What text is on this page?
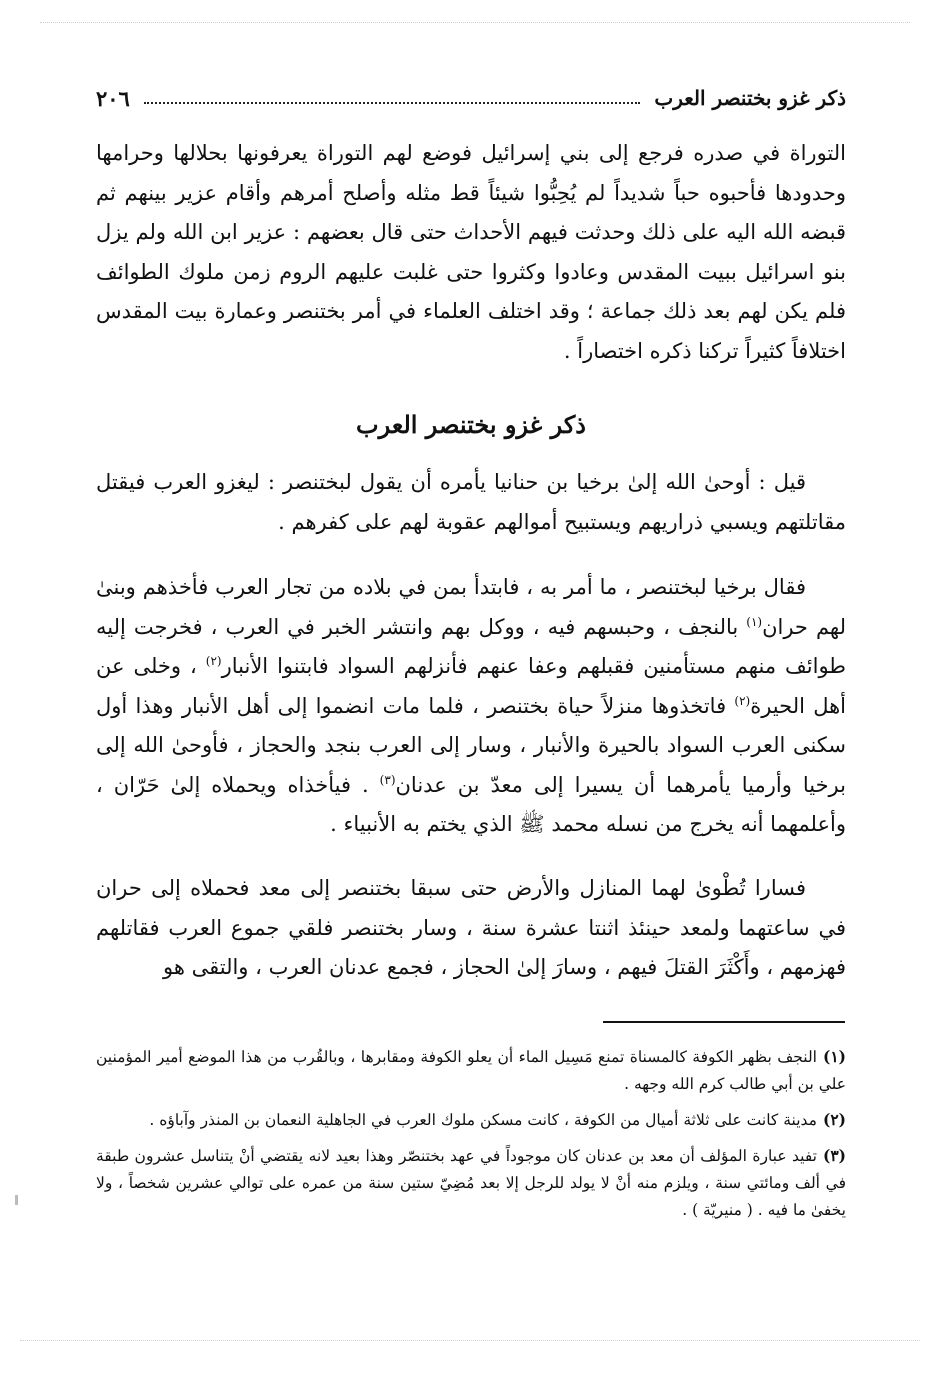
٢٠٦	ذكر غزو بختنصر العرب
التوراة في صدره فرجع إلى بني إسرائيل فوضع لهم التوراة يعرفونها بحلالها وحرامها وحدودها فأحبوه حباً شديداً لم يُحِبُّوا شيئاً قط مثله وأصلح أمرهم وأقام عزير بينهم ثم قبضه الله اليه على ذلك وحدثت فيهم الأحداث حتى قال بعضهم : عزير ابن الله ولم يزل بنو اسرائيل ببيت المقدس وعادوا وكثروا حتى غلبت عليهم الروم زمن ملوك الطوائف فلم يكن لهم بعد ذلك جماعة ؛ وقد اختلف العلماء في أمر بختنصر وعمارة بيت المقدس اختلافاً كثيراً تركنا ذكره اختصاراً .
ذكر غزو بختنصر العرب
قيل : أوحىٰ الله إلىٰ برخيا بن حنانيا يأمره أن يقول لبختنصر : ليغزو العرب فيقتل مقاتلتهم ويسبي ذراريهم ويستبيح أموالهم عقوبة لهم على كفرهم .
فقال برخيا لبختنصر ، ما أمر به ، فابتدأ بمن في بلاده من تجار العرب فأخذهم وبنىٰ لهم حران$^{(١)}$ بالنجف ، وحبسهم فيه ، ووكل بهم وانتشر الخبر في العرب ، فخرجت إليه طوائف منهم مستأمنين فقبلهم وعفا عنهم فأنزلهم السواد فابتنوا الأنبار$^{(٢)}$ ، وخلى عن أهل الحيرة$^{(٢)}$ فاتخذوها منزلاً حياة بختنصر ، فلما مات انضموا إلى أهل الأنبار وهذا أول سكنى العرب السواد بالحيرة والأنبار ، وسار إلى العرب بنجد والحجاز ، فأوحىٰ الله إلى برخيا وأرميا يأمرهما أن يسيرا إلى معدّ بن عدنان$^{(٣)}$ . فيأخذاه ويحملاه إلىٰ حَرّان ، وأعلمهما أنه يخرج من نسله محمد ﷺ الذي يختم به الأنبياء .
فسارا تُطْوىٰ لهما المنازل والأرض حتى سبقا بختنصر إلى معد فحملاه إلى حران في ساعتهما ولمعد حينئذ اثنتا عشرة سنة ، وسار بختنصر فلقي جموع العرب فقاتلهم فهزمهم ، وأَكْثَرَ القتلَ فيهم ، وسارَ إلىٰ الحجاز ، فجمع عدنان العرب ، والتقى هو
(١)النجف بظهر الكوفة كالمسناة تمنع مَسِيل الماء أن يعلو الكوفة ومقابرها ، وبالقُرب من هذا الموضع أمير المؤمنين علي بن أبي طالب كرم الله وجهه .
(٢)مدينة كانت على ثلاثة أميال من الكوفة ، كانت مسكن ملوك العرب في الجاهلية النعمان بن المنذر وآباؤه .
(٣)تفيد عبارة المؤلف أن معد بن عدنان كان موجوداً في عهد بختنصّر وهذا بعيد لانه يقتضي أنْ يتناسل عشرون طبقة في ألف ومائتي سنة ، ويلزم منه أنْ لا يولد للرجل إلا بعد مُضِيّ ستين سنة من عمره على توالي عشرين شخصاً ، ولا يخفىٰ ما فيه . ( منيريّة ) .
